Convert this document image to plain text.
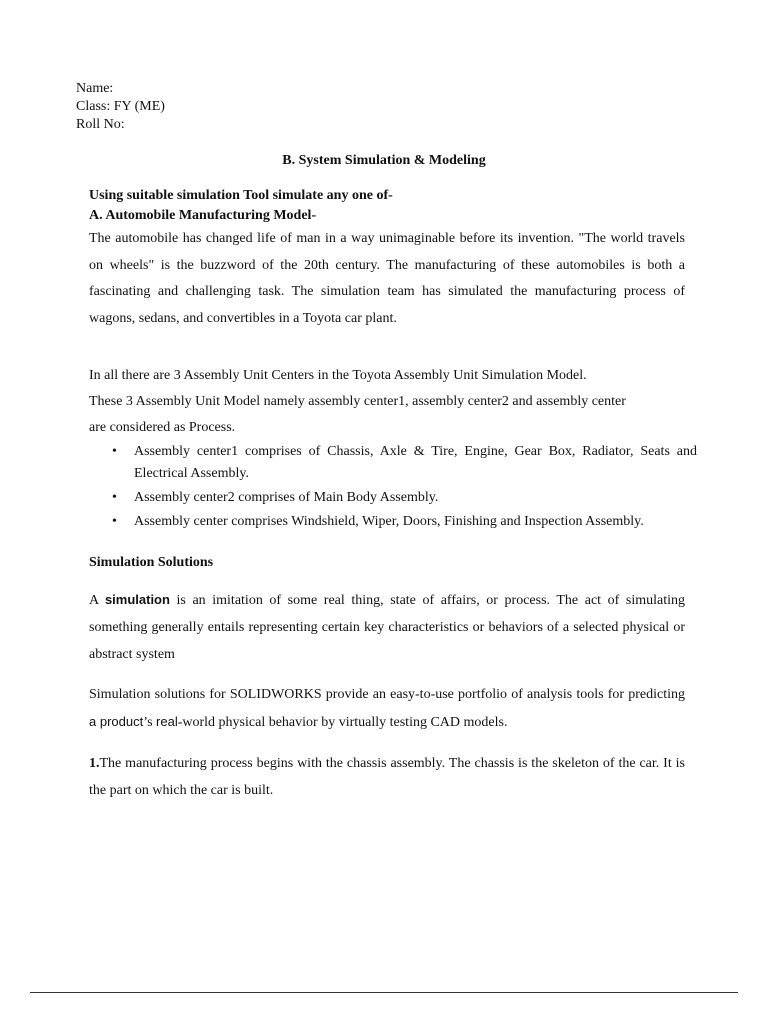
Name:
Class: FY (ME)
Roll No:
B. System Simulation & Modeling

Using suitable simulation Tool simulate any one of-

A. Automobile Manufacturing Model-

The automobile has changed life of man in a way unimaginable before its invention. "The world travels on wheels" is the buzzword of the 20th century. The manufacturing of these automobiles is both a fascinating and challenging task. The simulation team has simulated the manufacturing process of wagons, sedans, and convertibles in a Toyota car plant.

In all there are 3 Assembly Unit Centers in the Toyota Assembly Unit Simulation Model.

These 3 Assembly Unit Model namely assembly center1, assembly center2 and assembly center

are considered as Process.

• Assembly center1 comprises of Chassis, Axle & Tire, Engine, Gear Box, Radiator, Seats and Electrical Assembly.
• Assembly center2 comprises of Main Body Assembly.
• Assembly center comprises Windshield, Wiper, Doors, Finishing and Inspection Assembly.

Simulation Solutions

A simulation is an imitation of some real thing, state of affairs, or process. The act of simulating something generally entails representing certain key characteristics or behaviors of a selected physical or abstract system

Simulation solutions for SOLIDWORKS provide an easy-to-use portfolio of analysis tools for predicting a product’s real-world physical behavior by virtually testing CAD models.

1.The manufacturing process begins with the chassis assembly. The chassis is the skeleton of the car. It is the part on which the car is built.
